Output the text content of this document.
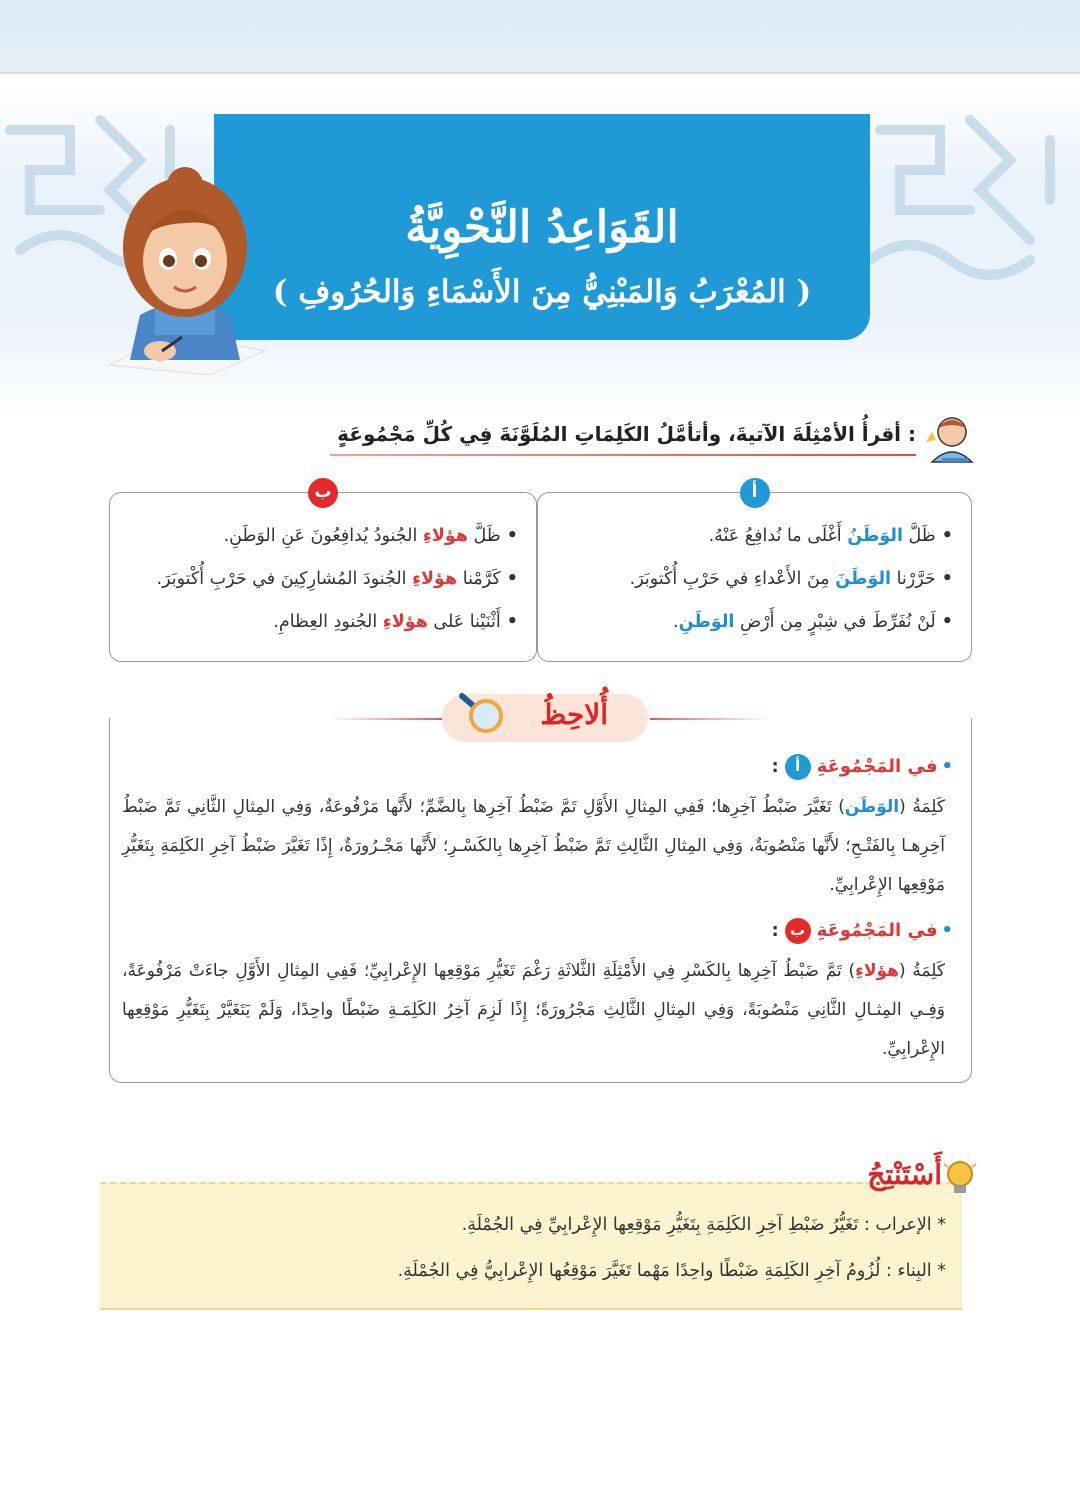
القَوَاعِدُ النَّحْوِيَّةُ
( المُعْرَبُ وَالمَبْنِيُّ مِنَ الأَسْمَاءِ وَالحُرُوفِ )
أقرأُ الأمْثِلَةَ الآتيةَ، وأتأمَّلُ الكَلِمَاتِ المُلَوَّنَةَ فِي كُلِّ مَجْمُوعَةٍ :
أ
• ظَلَّ الوَطَنُ أَغْلَى ما نُدافِعُ عَنْهُ.
• حَرَّرْنا الوَطَنَ مِنَ الأَعْداءِ في حَرْبِ أُكْتوبَرَ.
• لَنْ نُفَرِّطَ في شِبْرٍ مِن أَرْضِ الوَطَنِ.
ب
• ظَلَّ هؤلاءِ الجُنودُ يُدافِعُونَ عَنِ الوَطَنِ.
• كَرَّمْنا هؤلاءِ الجُنودَ المُشارِكِينَ في حَرْبِ أُكْتوبَرَ.
• أَثْنَيْنا عَلى هؤلاءِ الجُنودِ العِظامِ.
أُلاحِظُ
•في المَجْمُوعَةِأ:
كَلِمَةُ (الوَطَن) تَغَيَّرَ ضَبْطُ آخِرِها؛ فَفِي المِثالِ الأَوَّلِ تَمَّ ضَبْطُ آخِرِها بِالضَّمِّ؛ لأَنَّها مَرْفُوعَةٌ، وَفِي المِثالِ الثَّانِي تَمَّ ضَبْطُ آخِرِهـا بِالفَتْـحِ؛ لأَنَّها مَنْصُوبَةٌ، وَفِي المِثالِ الثَّالِثِ تَمَّ ضَبْطُ آخِرِها بِالكَسْـرِ؛ لأَنَّها مَجْـرُورَةٌ، إِذًا تَغَيَّرَ ضَبْطُ آخِرِ الكَلِمَةِ بِتَغَيُّرِ مَوْقِعِها الإِعْرابِيِّ.
•في المَجْمُوعَةِب:
كَلِمَةُ (هؤلاءِ) تَمَّ ضَبْطُ آخِرِها بِالكَسْرِ فِي الأَمْثِلَةِ الثَّلاثَةِ رَغْمَ تَغَيُّرِ مَوْقِعِها الإِعْرابِيِّ؛ فَفِي المِثالِ الأَوَّلِ جاءَتْ مَرْفُوعَةً، وَفِـي المِثـالِ الثَّانِي مَنْصُوبَةً، وَفِي المِثالِ الثَّالِثِ مَجْرُورَةً؛ إِذًا لَزِمَ آخِرُ الكَلِمَـةِ ضَبْطًا واحِدًا، وَلَمْ يَتَغَيَّرْ بِتَغَيُّرِ مَوْقِعِها الإِعْرابِيِّ.
* الإعراب : تَغَيُّرُ ضَبْطِ آخِرِ الكَلِمَةِ بِتَغَيُّرِ مَوْقِعِها الإِعْرابِيِّ فِي الجُمْلَةِ.
* البِناء : لُزُومُ آخِرِ الكَلِمَةِ ضَبْطًا واحِدًا مَهْما تَغَيَّرَ مَوْقِعُها الإِعْرابِيُّ فِي الجُمْلَةِ.
أَسْتَنْتِجُ
